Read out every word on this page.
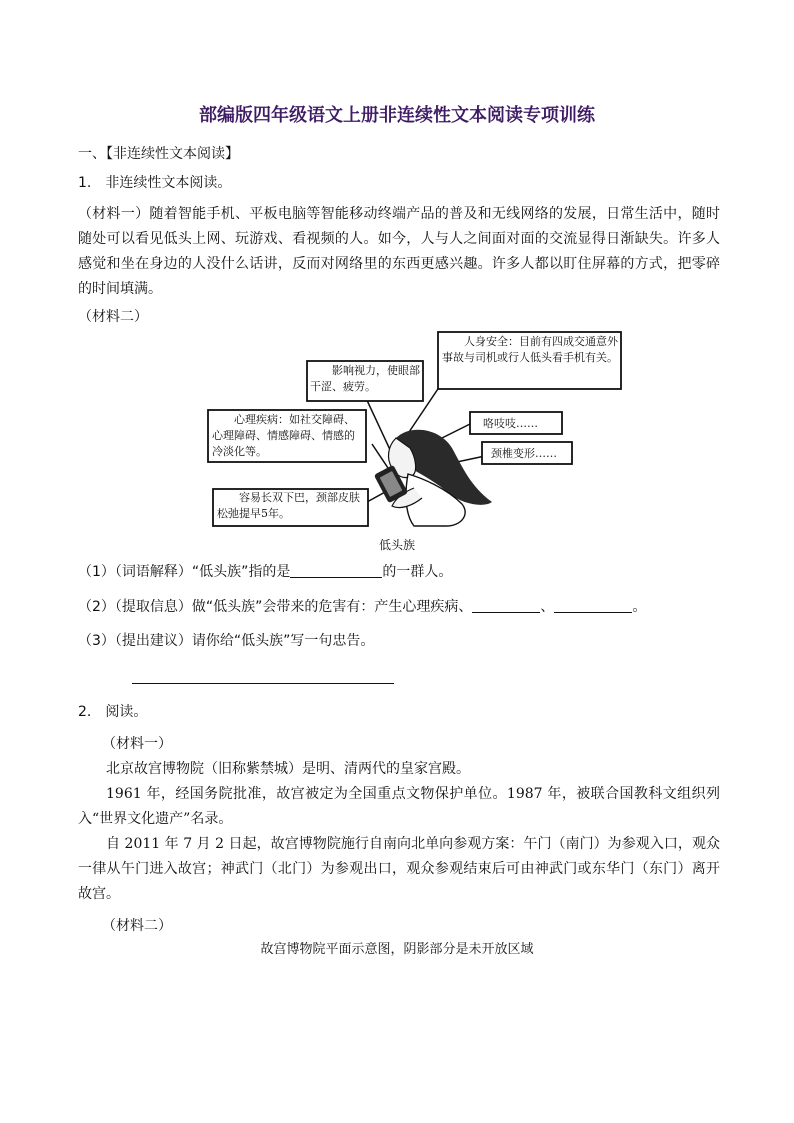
部编版四年级语文上册非连续性文本阅读专项训练
一、【非连续性文本阅读】
1.　非连续性文本阅读。

（材料一）随着智能手机、平板电脑等智能移动终端产品的普及和无线网络的发展，日常生活中，随时随处可以看见低头上网、玩游戏、看视频的人。如今，人与人之间面对面的交流显得日渐缺失。许多人感觉和坐在身边的人没什么话讲，反而对网络里的东西更感兴趣。许多人都以盯住屏幕的方式，把零碎的时间填满。

（材料二）
影响视力，使眼部干涩、疲劳。
人身安全：目前有四成交通意外事故与司机或行人低头看手机有关。
心理疾病：如社交障碍、心理障碍、情感障碍、情感的冷淡化等。
咯吱吱……
颈椎变形……
容易长双下巴，颈部皮肤松弛提早5年。
低头族
（1）（词语解释）“低头族”指的是	的一群人。
（2）（提取信息）做“低头族”会带来的危害有：产生心理疾病、	、	。
（3）（提出建议）请你给“低头族”写一句忠告。
2.　阅读。
（材料一）

北京故宫博物院（旧称紫禁城）是明、清两代的皇家宫殿。

1961 年，经国务院批准，故宫被定为全国重点文物保护单位。1987 年，被联合国教科文组织列入“世界文化遗产”名录。

自 2011 年 7 月 2 日起，故宫博物院施行自南向北单向参观方案：午门（南门）为参观入口，观众一律从午门进入故宫；神武门（北门）为参观出口，观众参观结束后可由神武门或东华门（东门）离开故宫。

（材料二）
故宫博物院平面示意图，阴影部分是未开放区域
